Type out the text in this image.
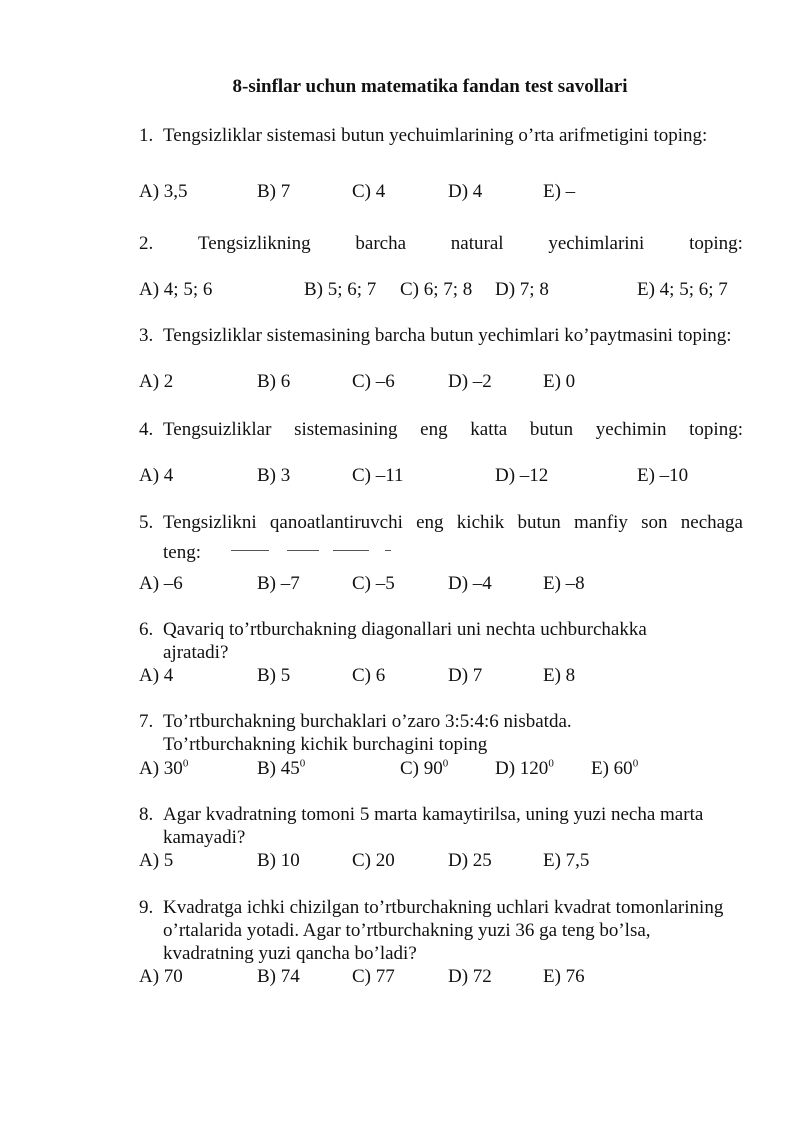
8-sinflar uchun matematika fandan test savollari
1. Tengsizliklar sistemasi butun yechuimlarining o’rta arifmetigini toping:
A) 3,5	B) 7	C) 4	D) 4	E) –
2. Tengsizlikning barcha natural yechimlarini toping:
A) 4; 5; 6	B) 5; 6; 7 C) 6; 7; 8 D) 7; 8	E) 4; 5; 6; 7
3. Tengsizliklar sistemasining barcha butun yechimlari ko’paytmasini toping:
A) 2	B) 6	C) –6	D) –2	E) 0
4. Tengsuizliklar sistemasining eng katta butun yechimin toping:
A) 4	B) 3	C) –11	D) –12	E) –10
5. Tengsizlikni qanoatlantiruvchi eng kichik butun manfiy son nechaga
teng:
A) –6	B) –7	C) –5	D) –4	E) –8
6. Qavariq to’rtburchakning diagonallari uni nechta uchburchakka ajratadi?
A) 4	B) 5	C) 6	D) 7	E) 8
7. To’rtburchakning burchaklari o’zaro 3:5:4:6 nisbatda.
To’rtburchakning kichik burchagini toping
A) $30^0$	B) $45^0$	C) $90^0$ D) $120^0$ E) $60^0$
8. Agar kvadratning tomoni 5 marta kamaytirilsa, uning yuzi necha marta kamayadi?
A) 5	B) 10	C) 20	D) 25	E) 7,5
9. Kvadratga ichki chizilgan to’rtburchakning uchlari kvadrat tomonlarining o’rtalarida yotadi. Agar to’rtburchakning yuzi 36 ga teng bo’lsa, kvadratning yuzi qancha bo’ladi?
A) 70	B) 74	C) 77	D) 72	E) 76
